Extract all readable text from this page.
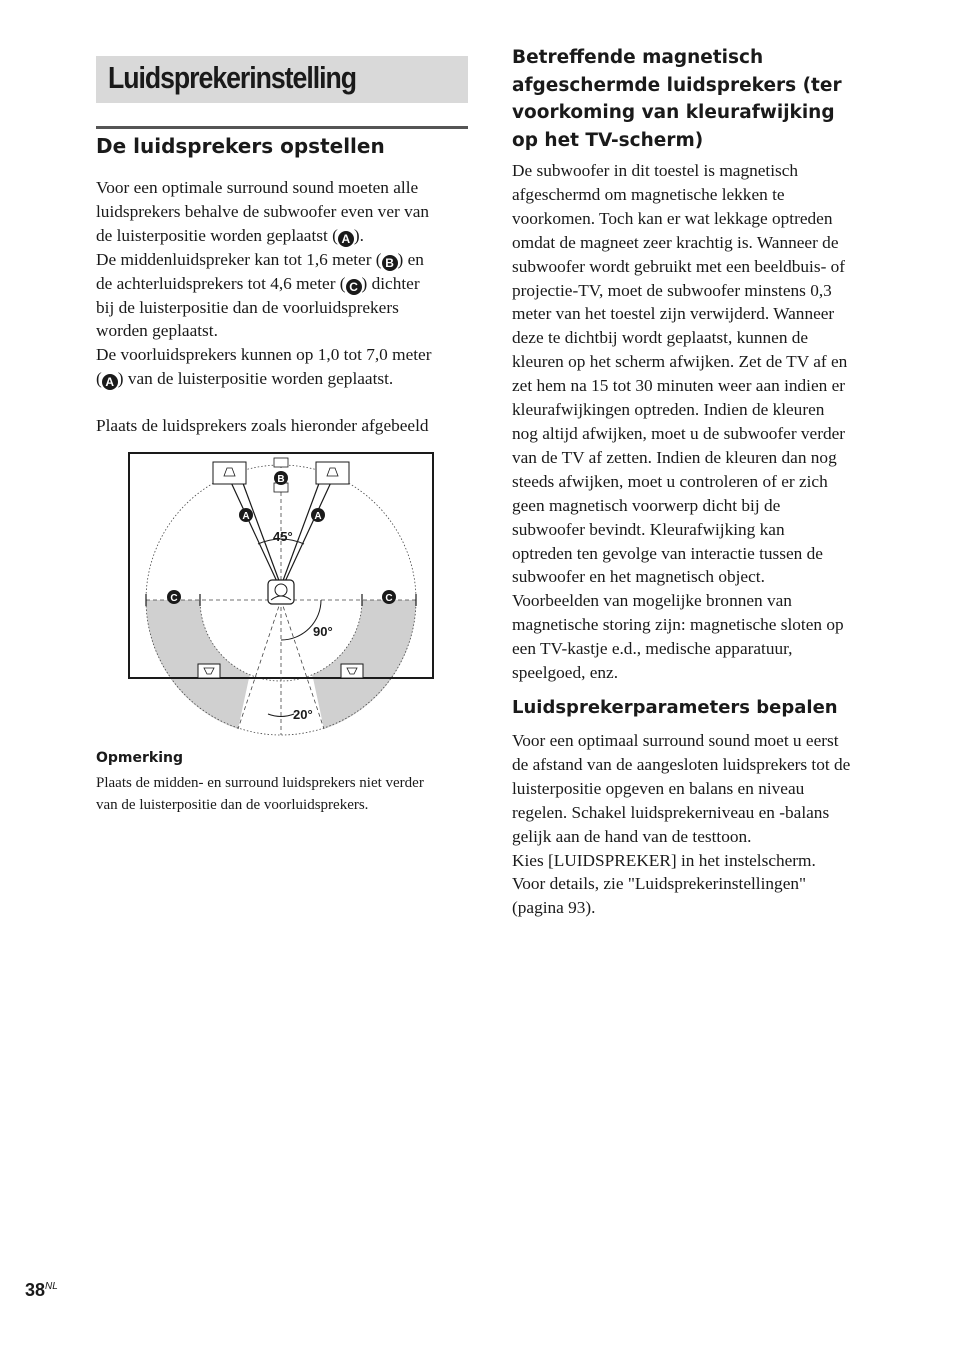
Luidsprekerinstelling
De luidsprekers opstellen
Voor een optimale surround sound moeten alle
luidsprekers behalve de subwoofer even ver van
de luisterpositie worden geplaatst ( A ).
De middenluidspreker kan tot 1,6 meter ( B ) en
de achterluidsprekers tot 4,6 meter ( C ) dichter
bij de luisterpositie dan de voorluidsprekers
worden geplaatst.
De voorluidsprekers kunnen op 1,0 tot 7,0 meter
( A ) van de luisterpositie worden geplaatst.
Plaats de luidsprekers zoals hieronder afgebeeld
B
A	A
C	C
45°
90°
20°
Opmerking
Plaats de midden- en surround luidsprekers niet verder
van de luisterpositie dan de voorluidsprekers.
Betreffende magnetisch
afgeschermde luidsprekers (ter
voorkoming van kleurafwijking
op het TV-scherm)
De subwoofer in dit toestel is magnetisch
afgeschermd om magnetische lekken te
voorkomen. Toch kan er wat lekkage optreden
omdat de magneet zeer krachtig is. Wanneer de
subwoofer wordt gebruikt met een beeldbuis- of
projectie-TV, moet de subwoofer minstens 0,3
meter van het toestel zijn verwijderd. Wanneer
deze te dichtbij wordt geplaatst, kunnen de
kleuren op het scherm afwijken. Zet de TV af en
zet hem na 15 tot 30 minuten weer aan indien er
kleurafwijkingen optreden. Indien de kleuren
nog altijd afwijken, moet u de subwoofer verder
van de TV af zetten. Indien de kleuren dan nog
steeds afwijken, moet u controleren of er zich
geen magnetisch voorwerp dicht bij de
subwoofer bevindt. Kleurafwijking kan
optreden ten gevolge van interactie tussen de
subwoofer en het magnetisch object.
Voorbeelden van mogelijke bronnen van
magnetische storing zijn: magnetische sloten op
een TV-kastje e.d., medische apparatuur,
speelgoed, enz.
Luidsprekerparameters bepalen
Voor een optimaal surround sound moet u eerst
de afstand van de aangesloten luidsprekers tot de
luisterpositie opgeven en balans en niveau
regelen. Schakel luidsprekerniveau en -balans
gelijk aan de hand van de testtoon.
Kies [LUIDSPREKER] in het instelscherm.
Voor details, zie "Luidsprekerinstellingen"
(pagina 93).
$38^{NL}$
